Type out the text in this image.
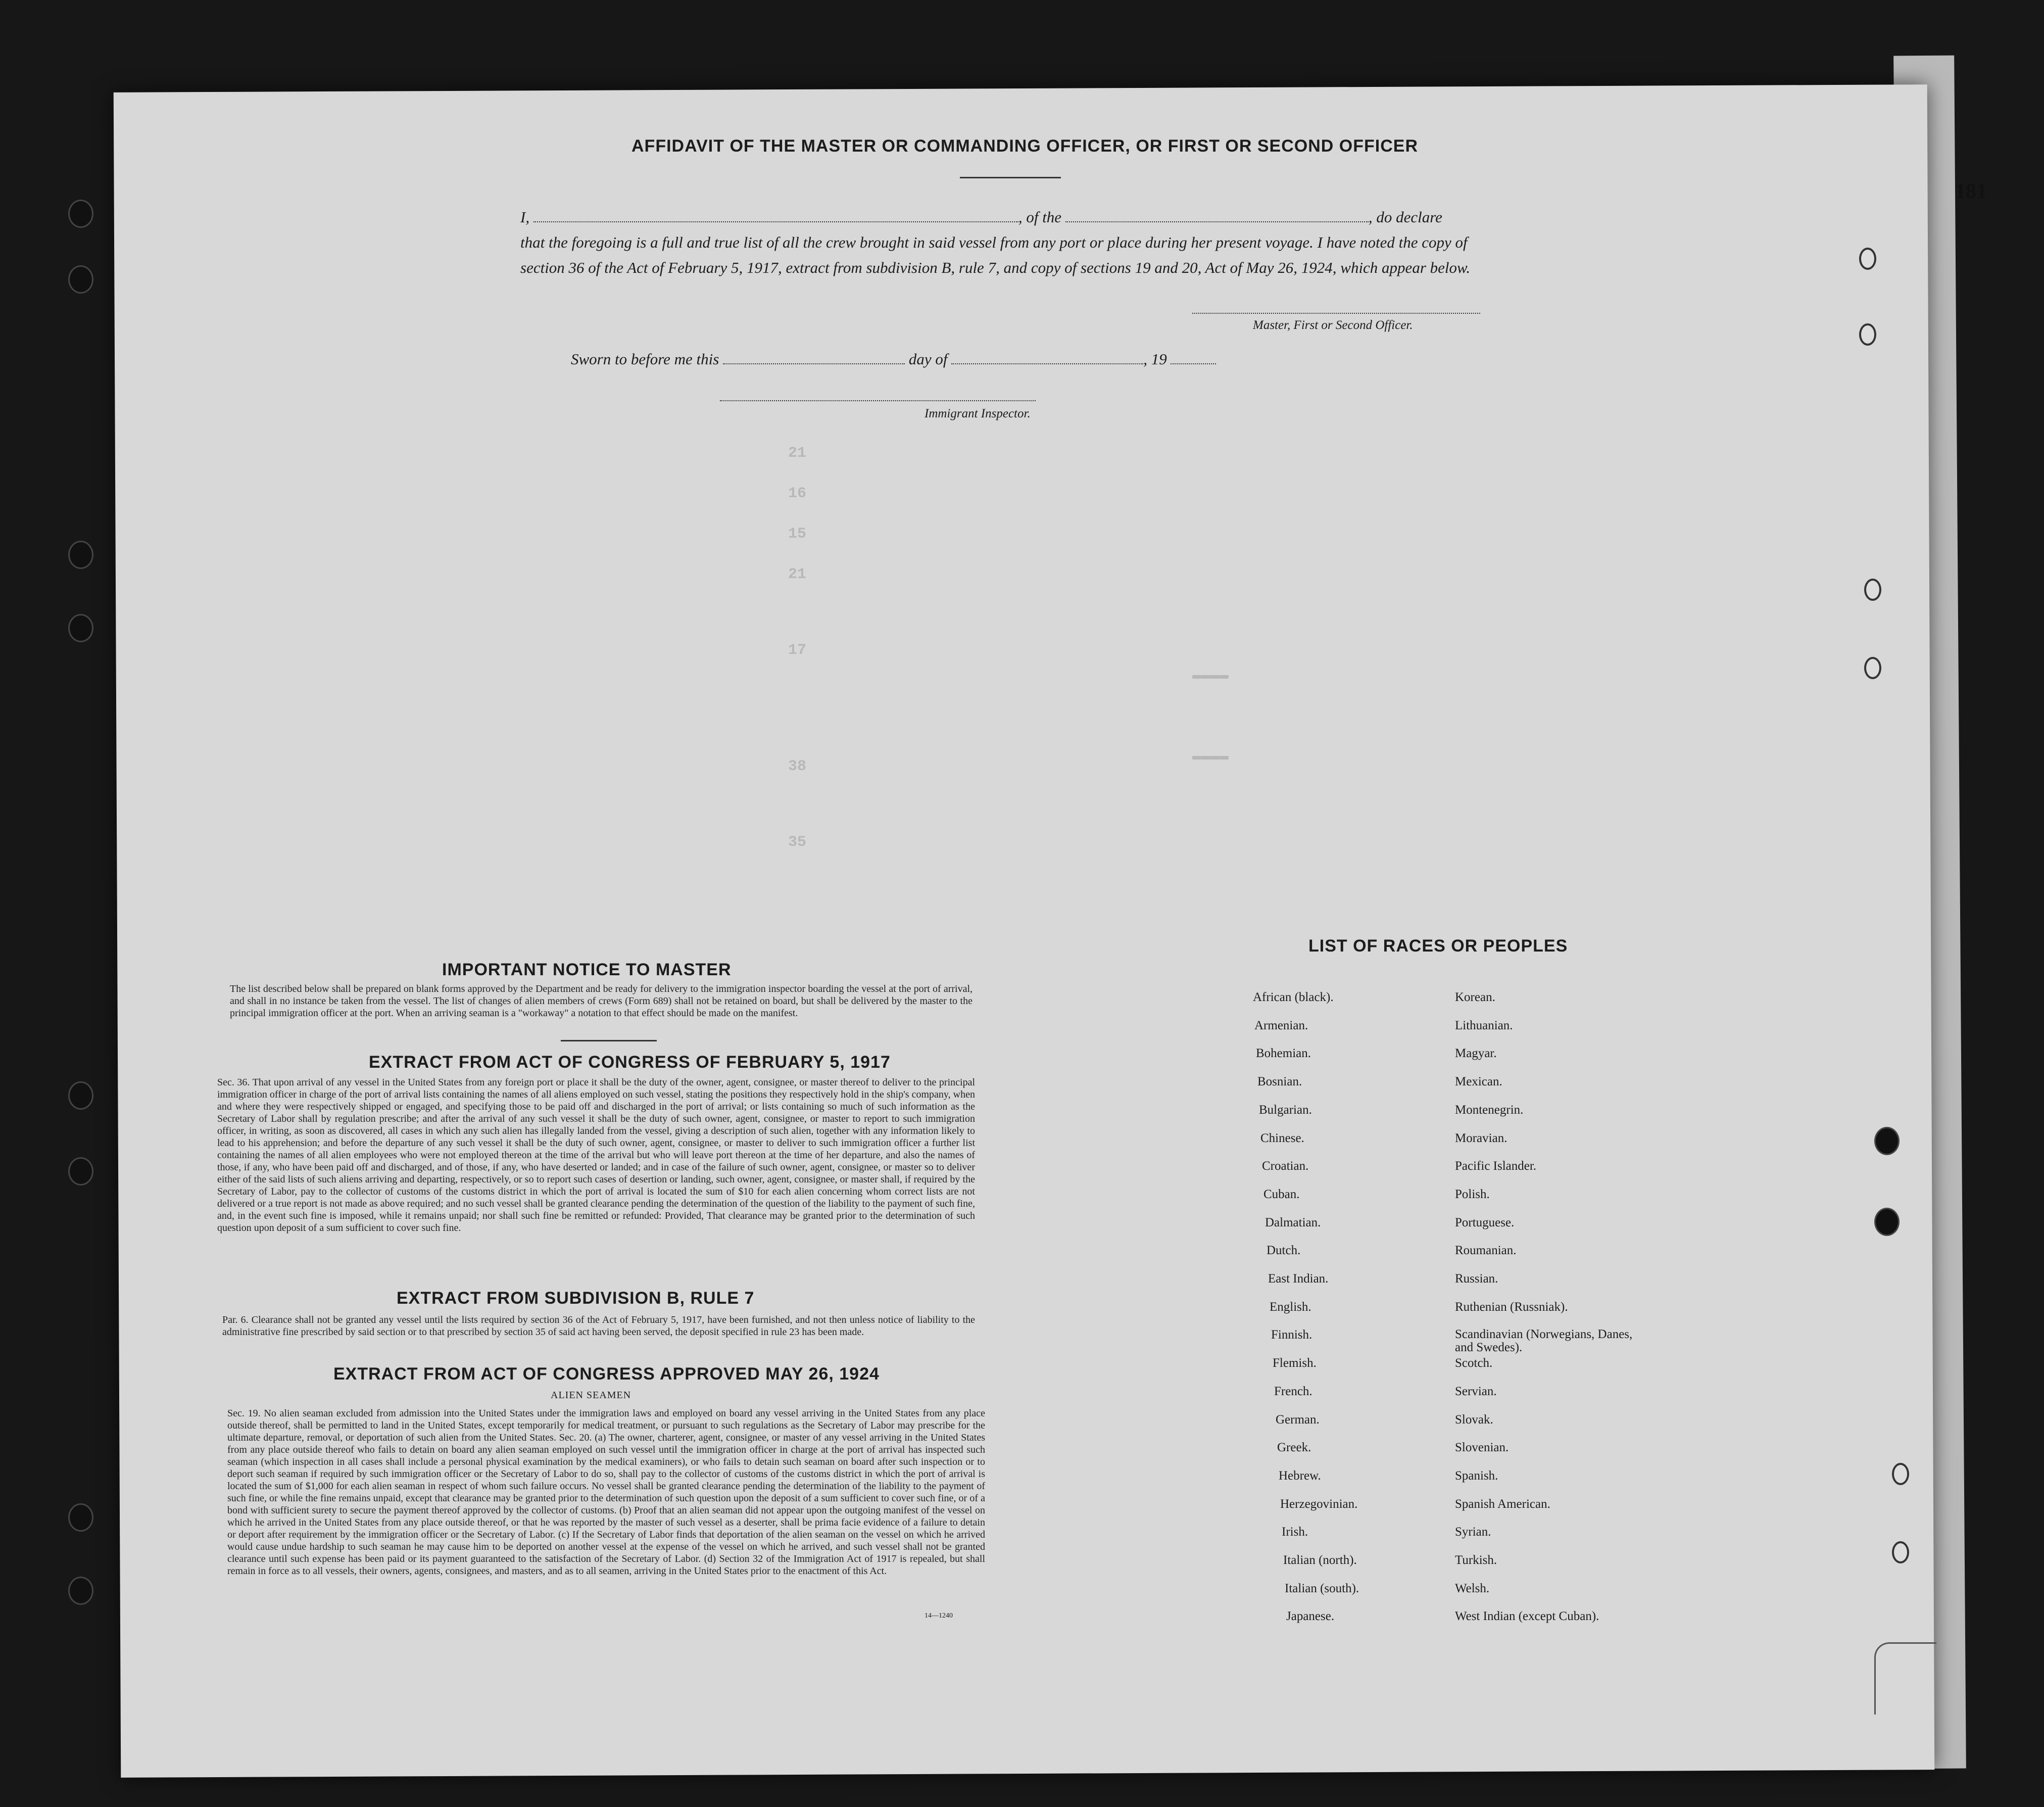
21
16
15
21
17
38
35
▬▬▬▬
▬▬▬▬
181
AFFIDAVIT OF THE MASTER OR COMMANDING OFFICER, OR FIRST OR SECOND OFFICER
I,	, of the	, do declare
that the foregoing is a full and true list of all the crew brought in said vessel from any port or place during her present voyage. I have noted the copy of section 36 of the Act of February 5, 1917, extract from subdivision B, rule 7, and copy of sections 19 and 20, Act of May 26, 1924, which appear below.
Master, First or Second Officer.
Sworn to before me this	day of	, 19
Immigrant Inspector.
IMPORTANT NOTICE TO MASTER
The list described below shall be prepared on blank forms approved by the Department and be ready for delivery to the immigration inspector boarding the vessel at the port of arrival, and shall in no instance be taken from the vessel. The list of changes of alien members of crews (Form 689) shall not be retained on board, but shall be delivered by the master to the principal immigration officer at the port. When an arriving seaman is a "workaway" a notation to that effect should be made on the manifest.
EXTRACT FROM ACT OF CONGRESS OF FEBRUARY 5, 1917
Sec. 36. That upon arrival of any vessel in the United States from any foreign port or place it shall be the duty of the owner, agent, consignee, or master thereof to deliver to the principal immigration officer in charge of the port of arrival lists containing the names of all aliens employed on such vessel, stating the positions they respectively hold in the ship's company, when and where they were respectively shipped or engaged, and specifying those to be paid off and discharged in the port of arrival; or lists containing so much of such information as the Secretary of Labor shall by regulation prescribe; and after the arrival of any such vessel it shall be the duty of such owner, agent, consignee, or master to report to such immigration officer, in writing, as soon as discovered, all cases in which any such alien has illegally landed from the vessel, giving a description of such alien, together with any information likely to lead to his apprehension; and before the departure of any such vessel it shall be the duty of such owner, agent, consignee, or master to deliver to such immigration officer a further list containing the names of all alien employees who were not employed thereon at the time of the arrival but who will leave port thereon at the time of her departure, and also the names of those, if any, who have been paid off and discharged, and of those, if any, who have deserted or landed; and in case of the failure of such owner, agent, consignee, or master so to deliver either of the said lists of such aliens arriving and departing, respectively, or so to report such cases of desertion or landing, such owner, agent, consignee, or master shall, if required by the Secretary of Labor, pay to the collector of customs of the customs district in which the port of arrival is located the sum of $10 for each alien concerning whom correct lists are not delivered or a true report is not made as above required; and no such vessel shall be granted clearance pending the determination of the question of the liability to the payment of such fine, and, in the event such fine is imposed, while it remains unpaid; nor shall such fine be remitted or refunded: Provided, That clearance may be granted prior to the determination of such question upon deposit of a sum sufficient to cover such fine.
EXTRACT FROM SUBDIVISION B, RULE 7
Par. 6. Clearance shall not be granted any vessel until the lists required by section 36 of the Act of February 5, 1917, have been furnished, and not then unless notice of liability to the administrative fine prescribed by said section or to that prescribed by section 35 of said act having been served, the deposit specified in rule 23 has been made.
EXTRACT FROM ACT OF CONGRESS APPROVED MAY 26, 1924
ALIEN SEAMEN
Sec. 19. No alien seaman excluded from admission into the United States under the immigration laws and employed on board any vessel arriving in the United States from any place outside thereof, shall be permitted to land in the United States, except temporarily for medical treatment, or pursuant to such regulations as the Secretary of Labor may prescribe for the ultimate departure, removal, or deportation of such alien from the United States. Sec. 20. (a) The owner, charterer, agent, consignee, or master of any vessel arriving in the United States from any place outside thereof who fails to detain on board any alien seaman employed on such vessel until the immigration officer in charge at the port of arrival has inspected such seaman (which inspection in all cases shall include a personal physical examination by the medical examiners), or who fails to detain such seaman on board after such inspection or to deport such seaman if required by such immigration officer or the Secretary of Labor to do so, shall pay to the collector of customs of the customs district in which the port of arrival is located the sum of $1,000 for each alien seaman in respect of whom such failure occurs. No vessel shall be granted clearance pending the determination of the liability to the payment of such fine, or while the fine remains unpaid, except that clearance may be granted prior to the determination of such question upon the deposit of a sum sufficient to cover such fine, or of a bond with sufficient surety to secure the payment thereof approved by the collector of customs. (b) Proof that an alien seaman did not appear upon the outgoing manifest of the vessel on which he arrived in the United States from any place outside thereof, or that he was reported by the master of such vessel as a deserter, shall be prima facie evidence of a failure to detain or deport after requirement by the immigration officer or the Secretary of Labor. (c) If the Secretary of Labor finds that deportation of the alien seaman on the vessel on which he arrived would cause undue hardship to such seaman he may cause him to be deported on another vessel at the expense of the vessel on which he arrived, and such vessel shall not be granted clearance until such expense has been paid or its payment guaranteed to the satisfaction of the Secretary of Labor. (d) Section 32 of the Immigration Act of 1917 is repealed, but shall remain in force as to all vessels, their owners, agents, consignees, and masters, and as to all seamen, arriving in the United States prior to the enactment of this Act.
14—1240
LIST OF RACES OR PEOPLES
African (black).
Armenian.
Bohemian.
Bosnian.
Bulgarian.
Chinese.
Croatian.
Cuban.
Dalmatian.
Dutch.
East Indian.
English.
Finnish.
Flemish.
French.
German.
Greek.
Hebrew.
Herzegovinian.
Irish.
Italian (north).
Italian (south).
Japanese.
Korean.
Lithuanian.
Magyar.
Mexican.
Montenegrin.
Moravian.
Pacific Islander.
Polish.
Portuguese.
Roumanian.
Russian.
Ruthenian (Russniak).
Scandinavian (Norwegians, Danes, and Swedes).
Scotch.
Servian.
Slovak.
Slovenian.
Spanish.
Spanish American.
Syrian.
Turkish.
Welsh.
West Indian (except Cuban).
